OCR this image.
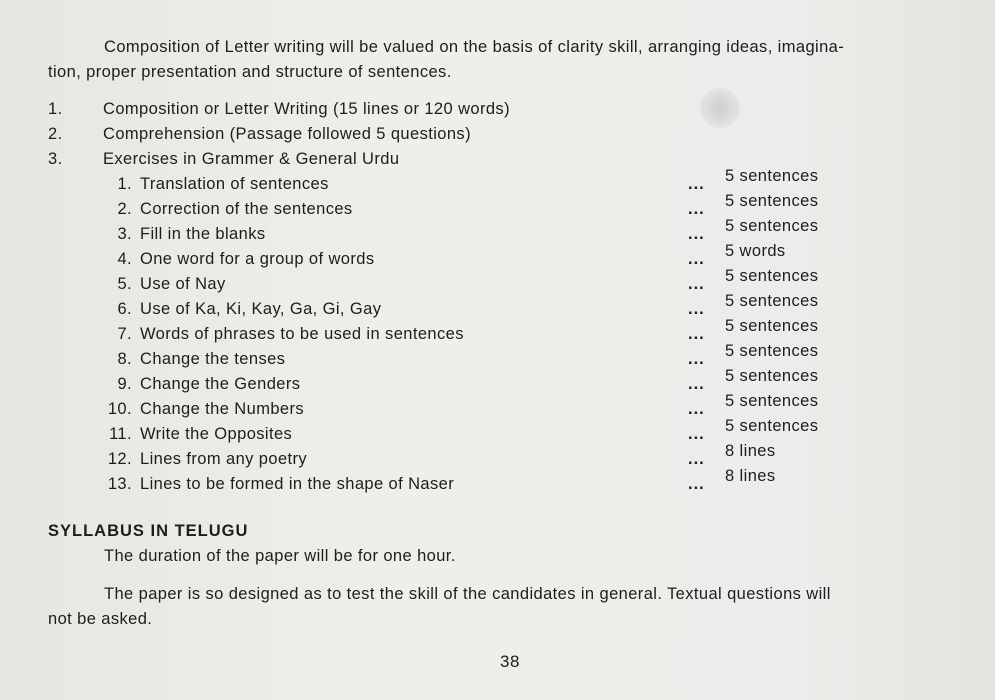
Composition of Letter writing will be valued on the basis of clarity skill, arranging ideas, imagina-
tion, proper presentation and structure of sentences.
1. Composition or Letter Writing (15 lines or 120 words)
2. Comprehension (Passage followed 5 questions)
3. Exercises in Grammer & General Urdu
1. Translation of sentences	... 5 sentences
2. Correction of the sentences	... 5 sentences
3. Fill in the blanks	... 5 sentences
4. One word for a group of words	... 5 words
5. Use of Nay	... 5 sentences
6. Use of Ka, Ki, Kay, Ga, Gi, Gay	... 5 sentences
7. Words of phrases to be used in sentences	... 5 sentences
8. Change the tenses	... 5 sentences
9. Change the Genders	... 5 sentences
10. Change the Numbers	... 5 sentences
11. Write the Opposites	... 5 sentences
12. Lines from any poetry	... 8 lines
13. Lines to be formed in the shape of Naser	... 8 lines
SYLLABUS IN TELUGU
The duration of the paper will be for one hour.
The paper is so designed as to test the skill of the candidates in general. Textual questions will
not be asked.
38
